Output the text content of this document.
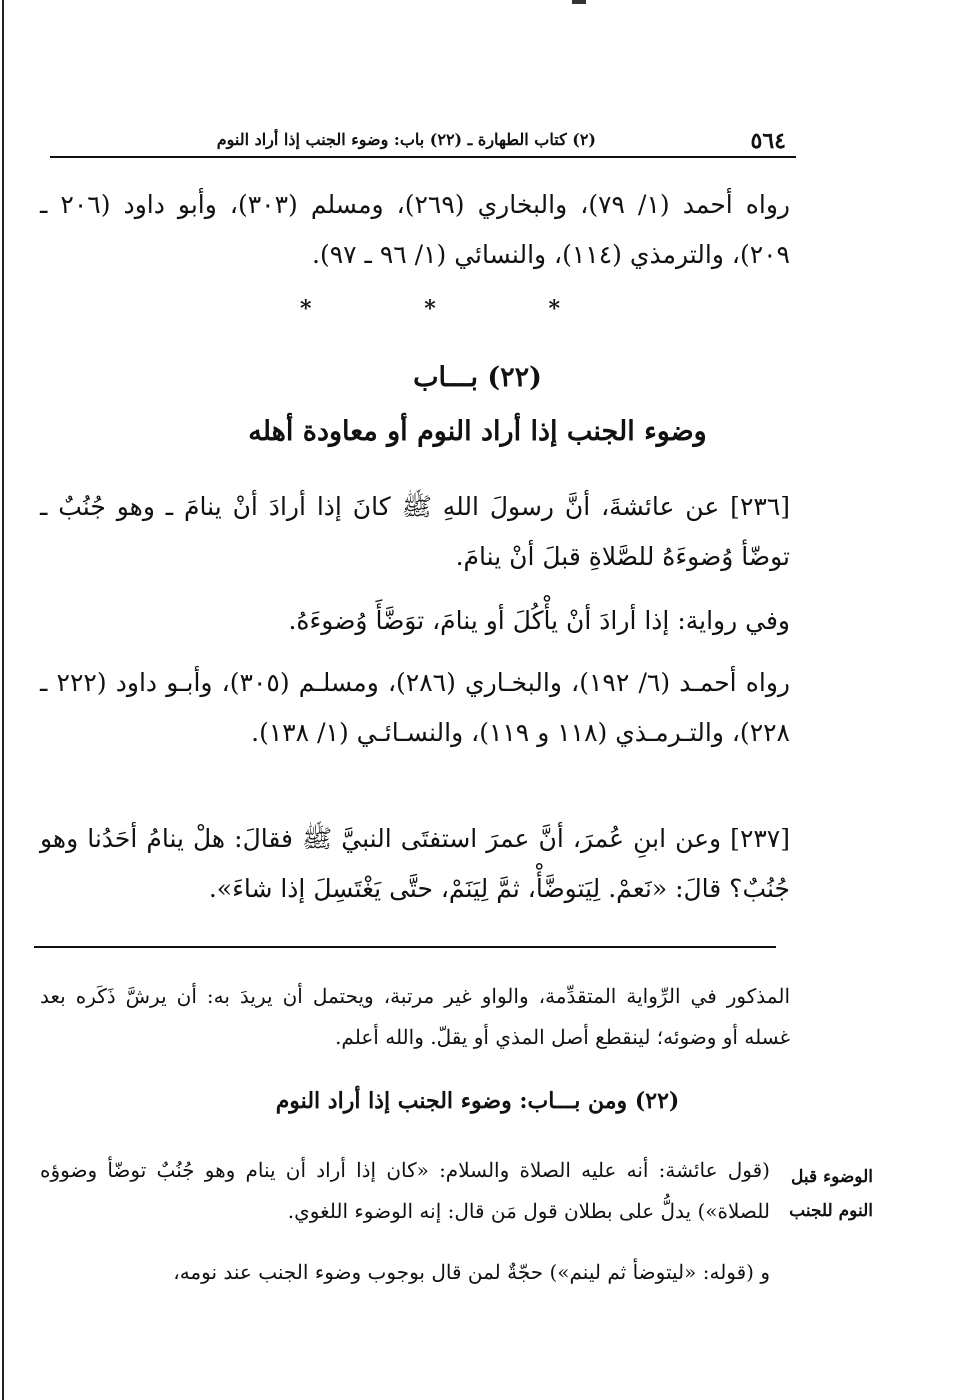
٥٦٤
(٢) كتاب الطهارة ـ (٢٢) باب: وضوء الجنب إذا أراد النوم
رواه أحمد (١/ ٧٩)، والبخاري (٢٦٩)، ومسلم (٣٠٣)، وأبو داود (٢٠٦ ـ ٢٠٩)، والترمذي (١١٤)، والنسائي (١/ ٩٦ ـ ٩٧).
*	*	*
(٢٢) بـــاب
وضوء الجنب إذا أراد النوم أو معاودة أهله
[٢٣٦] عن عائشةَ، أنَّ رسولَ اللهِ ﷺ كانَ إذا أرادَ أنْ ينامَ ـ وهو جُنُبٌ ـ توضّأ وُضوءَهُ للصَّلاةِ قبلَ أنْ ينامَ.
وفي رواية: إذا أرادَ أنْ يأْكُلَ أو ينامَ، توَضَّأَ وُضوءَهُ.
رواه أحمـد (٦/ ١٩٢)، والبخـاري (٢٨٦)، ومسلـم (٣٠٥)، وأبـو داود (٢٢٢ ـ ٢٢٨)، والتـرمـذي (١١٨ و ١١٩)، والنسـائـي (١/ ١٣٨).
[٢٣٧] وعن ابنِ عُمرَ، أنَّ عمرَ استفتَى النبيَّ ﷺ فقالَ: هلْ ينامُ أحَدُنا وهو جُنُبٌ؟ قالَ: «نَعمْ. لِيَتوضَّأْ، ثمَّ لِيَنَمْ، حتَّى يَغْتَسِلَ إذا شاءَ».
المذكور في الرِّواية المتقدِّمة، والواو غير مرتبة، ويحتمل أن يريدَ به: أن يرشَّ ذَكَره بعد غسله أو وضوئه؛ لينقطع أصل المذي أو يقلّ. والله أعلم.
(٢٢) ومن بـــاب: وضوء الجنب إذا أراد النوم
الوضوء قبل النوم للجنب
(قول عائشة: أنه عليه الصلاة والسلام: «كان إذا أراد أن ينام وهو جُنُبٌ توضّأ وضوؤه للصلاة») يدلُّ على بطلان قول مَن قال: إنه الوضوء اللغوي.
و (قوله: «ليتوضأ ثم لينم») حجّةٌ لمن قال بوجوب وضوء الجنب عند نومه،
